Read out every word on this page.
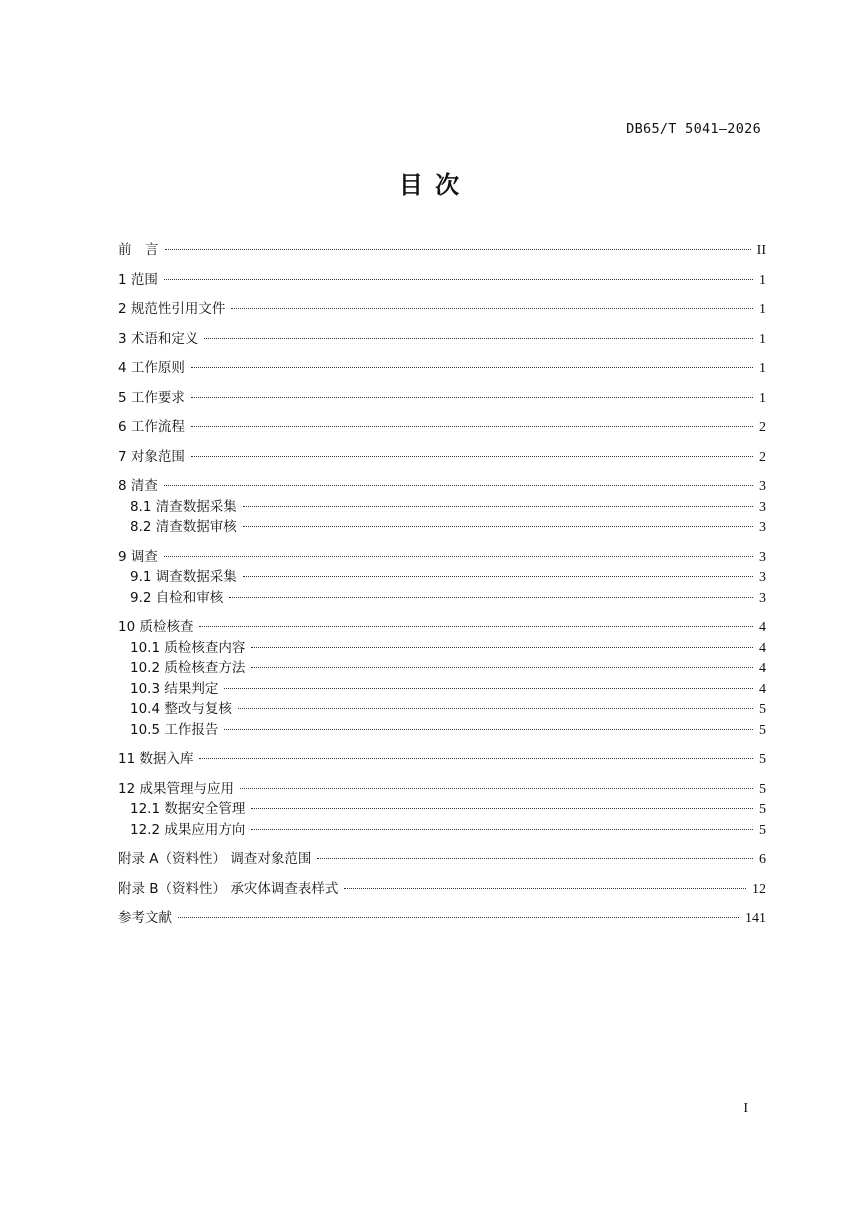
DB65/T 5041—2026
目 次
前　言	II
1 范围	1
2 规范性引用文件	1
3 术语和定义	1
4 工作原则	1
5 工作要求	1
6 工作流程	2
7 对象范围	2
8 清查	3
8.1 清查数据采集	3
8.2 清查数据审核	3
9 调查	3
9.1 调查数据采集	3
9.2 自检和审核	3
10 质检核查	4
10.1 质检核查内容	4
10.2 质检核查方法	4
10.3 结果判定	4
10.4 整改与复核	5
10.5 工作报告	5
11 数据入库	5
12 成果管理与应用	5
12.1 数据安全管理	5
12.2 成果应用方向	5
附录 A（资料性） 调查对象范围	6
附录 B（资料性） 承灾体调查表样式	12
参考文献	141
I
